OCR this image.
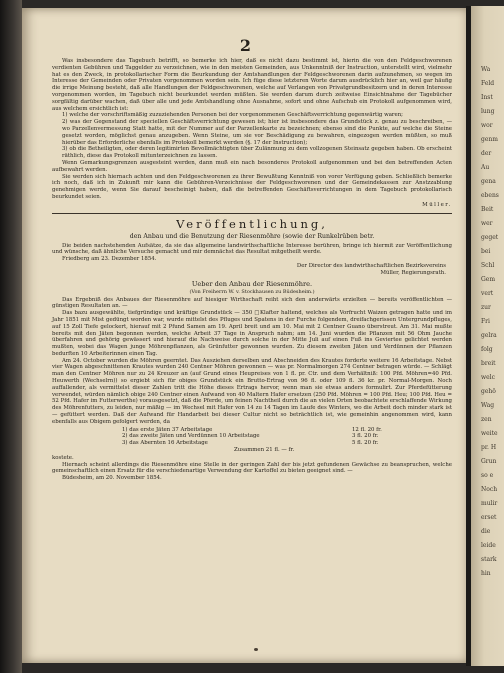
2

Was insbesondere das Tagebuch betrifft, so bemerke ich hier, daß es nicht dazu bestimmt ist, hierin die von den Feldgeschworenen verdienten Gebühren und Taggelder zu verzeichnen, wie in den meisten Gemeinden, aus Unkenntniß der Instruction, unterstellt wird, vielmehr hat es den Zweck, in protokollarischer Form die Beurkundung der Amtshandlungen der Feldgeschworenen darin aufzunehmen, so wegen im Interesse der Gemeinden oder Privaten vorgenommen worden sein. Ich füge diese letzteren Worte darum ausdrücklich hier an, weil gar häufig die irrige Meinung besteht, daß alle Handlungen der Feldgeschworenen, welche auf Verlangen von Privatgrundbesitzern und in deren Interesse vorgenommen worden, im Tagebuch nicht beurkundet werden müßten. Sie werden darum durch zeitweise Einsichtnahme der Tagebücher sorgfältig darüber wachen, daß über alle und jede Amtshandlung ohne Ausnahme, sofort und ohne Aufschub ein Protokoll aufgenommen wird, aus welchem ersichtlich ist:

1) welche der vorschriftsmäßig zuzuziehenden Personen bei der vorgenommenen Geschäftsverrichtung gegenwärtig waren;

2) was der Gegenstand der speciellen Geschäftsverrichtung gewesen ist; hier ist insbesondere das Grundstück z. genau zu beschreiben, — wo Parzellenvermessung Statt hatte, mit der Nummer auf der Parzellenkarte zu bezeichnen; ebenso sind die Punkte, auf welche die Steine gesetzt worden, möglichst genau anzugeben. Wenn Steine, um sie vor Beschädigung zu bewahren, eingezogen werden müßten, so muß hierüber das Erforderliche ebenfalls im Protokoll bemerkt werden (§. 17 der Instruction);

3) ob die Betheiligten, oder deren legitimirten Bevollmächtigten über Zulänmung zu dem vollzogenen Steinsatz gegeben haben. Ob erscheint räthlich, diese das Protokoll mitunterzeichnen zu lassen.

Wenn Gemarkungsgrenzen ausgesteint werden, dann muß ein nach besonderes Protokoll aufgenommen und bei den betreffenden Acten aufbewahrt werden.

Sie werden sich hiernach achten und den Feldgeschworenen zu ihrer Bewußtung Kenntniß von vorer Verfügung geben. Schließlich bemerke ich noch, daß ich in Zukunft mir kann die Gebühren-Verzeichnisse der Feldgeschworenen und der Gemeindekassen zur Anstzzablung genehmigen werde, wenn Sie darauf bescheinigt haben, daß die betreffenden Geschäftsverrichtungen in dem Tagebuch protokollarisch beurkundet seien.

Müller.
Veröffentlichung,
den Anbau und die Benutzung der Riesenmöhre (sowie der Runkelrüben betr.

Die beiden nachstehenden Aufsätze, da sie das allgemeine landwirthschaftliche Interesse berühren, bringe ich hiermit zur Veröffentlichung und wünsche, daß ähnliche Versuche gemacht und mir demnächst das Resultat mitgetheilt werde.

Friedberg am 23. Dezember 1854.

Der Director des landwirthschaftlichen Bezirksvereins
Müller, Regierungsrath.
Ueber den Anbau der Riesenmöhre.
(Von Freiherrn W. v. Stockhausen zu Büdesheim.)

Das Ergebniß des Anbaues der Riesenmöhre auf hiesiger Wirthschaft reiht sich den anderwärts erzielten — bereits veröffentlichten — günstigen Resultaten an. —

Das bazu ausgewählte, tiefgründige und kräftige Grundstück — 350 □Klafter haltend, welches als Vorfrucht Waizen getragen hatte und im Jahr 1851 mit Mist gedüngt worden war, wurde mittelst des Pfluges und Spatens in der Furche folgendem, dreifachgerissen Untergrundpfluges, auf 15 Zoll Tiefe gelockert, hierauf mit 2 Pfund Samen am 19. April breit und am 10. Mai mit 2 Centner Guano überstreut. Am 31. Mai mußte bereits mit den Jäten begonnen werden, welche Arbeit 37 Tage in Anspruch nahm; am 14. Juni wurden die Pflanzen mit 56 Ohm Jauche überfahren und gehörig gewässert und hierauf die Nachweise durch solche in der Mitte Juli auf einen Fuß ins Geviertee gelichtet werden mußten, wobei das Wagen junge Möhrenpflanzen, als Grünfutter gewonnen wurden. Zu diesem zweiten Jäten und Verdünnen der Pflanzen bedurften 10 Arbeiterinnen einen Tag.

Am 24. October wurden die Möhren geerntet. Das Ausziehen derselben und Abschneiden des Krautes forderte weitere 16 Arbeitstage. Nebst vier Wagen abgeschnittenen Krautes wurden 240 Centner Möhren gewonnen — was pr. Normalmorgen 274 Centner betragen würde. — Schlägt man den Centner Möhren nur zu 24 Kreuzer an (auf Grund eines Heupreises von 1 fl. pr. Ctr. und dem Verhältniß: 100 Pfd. Möhren=40 Pfd. Heuwerth (Wechselrn)) so ergiebt sich für obiges Grundstück ein Brutto-Ertrag von 96 fl. oder 109 fl. 36 kr. pr. Normal-Morgen. Noch auffallender, als vermittelst dieser Zahlen tritt die Höhe dieses Ertrags hervor, wenn man sie etwas anders formulirt. Zur Pferdefütterung verwendet, würden nämlich obige 240 Centner einen Aufwand von 40 Maltern Hafer ersetzen (250 Pfd. Möhren = 100 Pfd. Heu; 100 Pfd. Heu = 52 Pfd. Hafer im Futterwerthe) vorausgesetzt, daß die Pferde, um feinen Nachtheil durch die an vielen Orten beobachtete erschlaffende Wirkung des Möhrenfutters, zu leiden, nur mäßig — im Wechsel mit Hafer von 14 zu 14 Tagen im Laufe des Winters, wo die Arbeit doch minder stark ist — gefüttert werden. Daß der Aufwand für Handarbeit bei dieser Cultur nicht so beträchtlich ist, wie gemeinhin angenommen wird, kann ebenfalls aus Obigem gefolgert werden, da

1) das erste Jäten 37 Arbeitstage	12 fl. 20 fr.
2) das zweite Jäten und Verdünnen 10 Arbeitstage	3 fl. 20 fr.
3) das Abernten 16 Arbeitstage	5 fl. 20 fr.
Zusammen 21 fl. — fr.

kostete.

Hiernach scheint allerdings die Riesenmöhre eine Stelle in der geringen Zahl der bis jetzt gefundenen Gewächse zu beanspruchen, welche gemeinschaftlich einen Ersatz für die verschiedenartige Verwendung der Kartoffel zu bieten geeignet sind. —

Büdesheim, am 20. November 1854.

Wa
Feld
Inst
lung
wor
genm
der
Au
gena
ebens
Beit
wer
geget
bei
Schl
Gem
vert
zur
Fri
gelra
folg
breit
welc
gehö
Wag
zen
weite
pr. H
Grun
so e
Noch
mulir
erset
die
leide
stark
hin
